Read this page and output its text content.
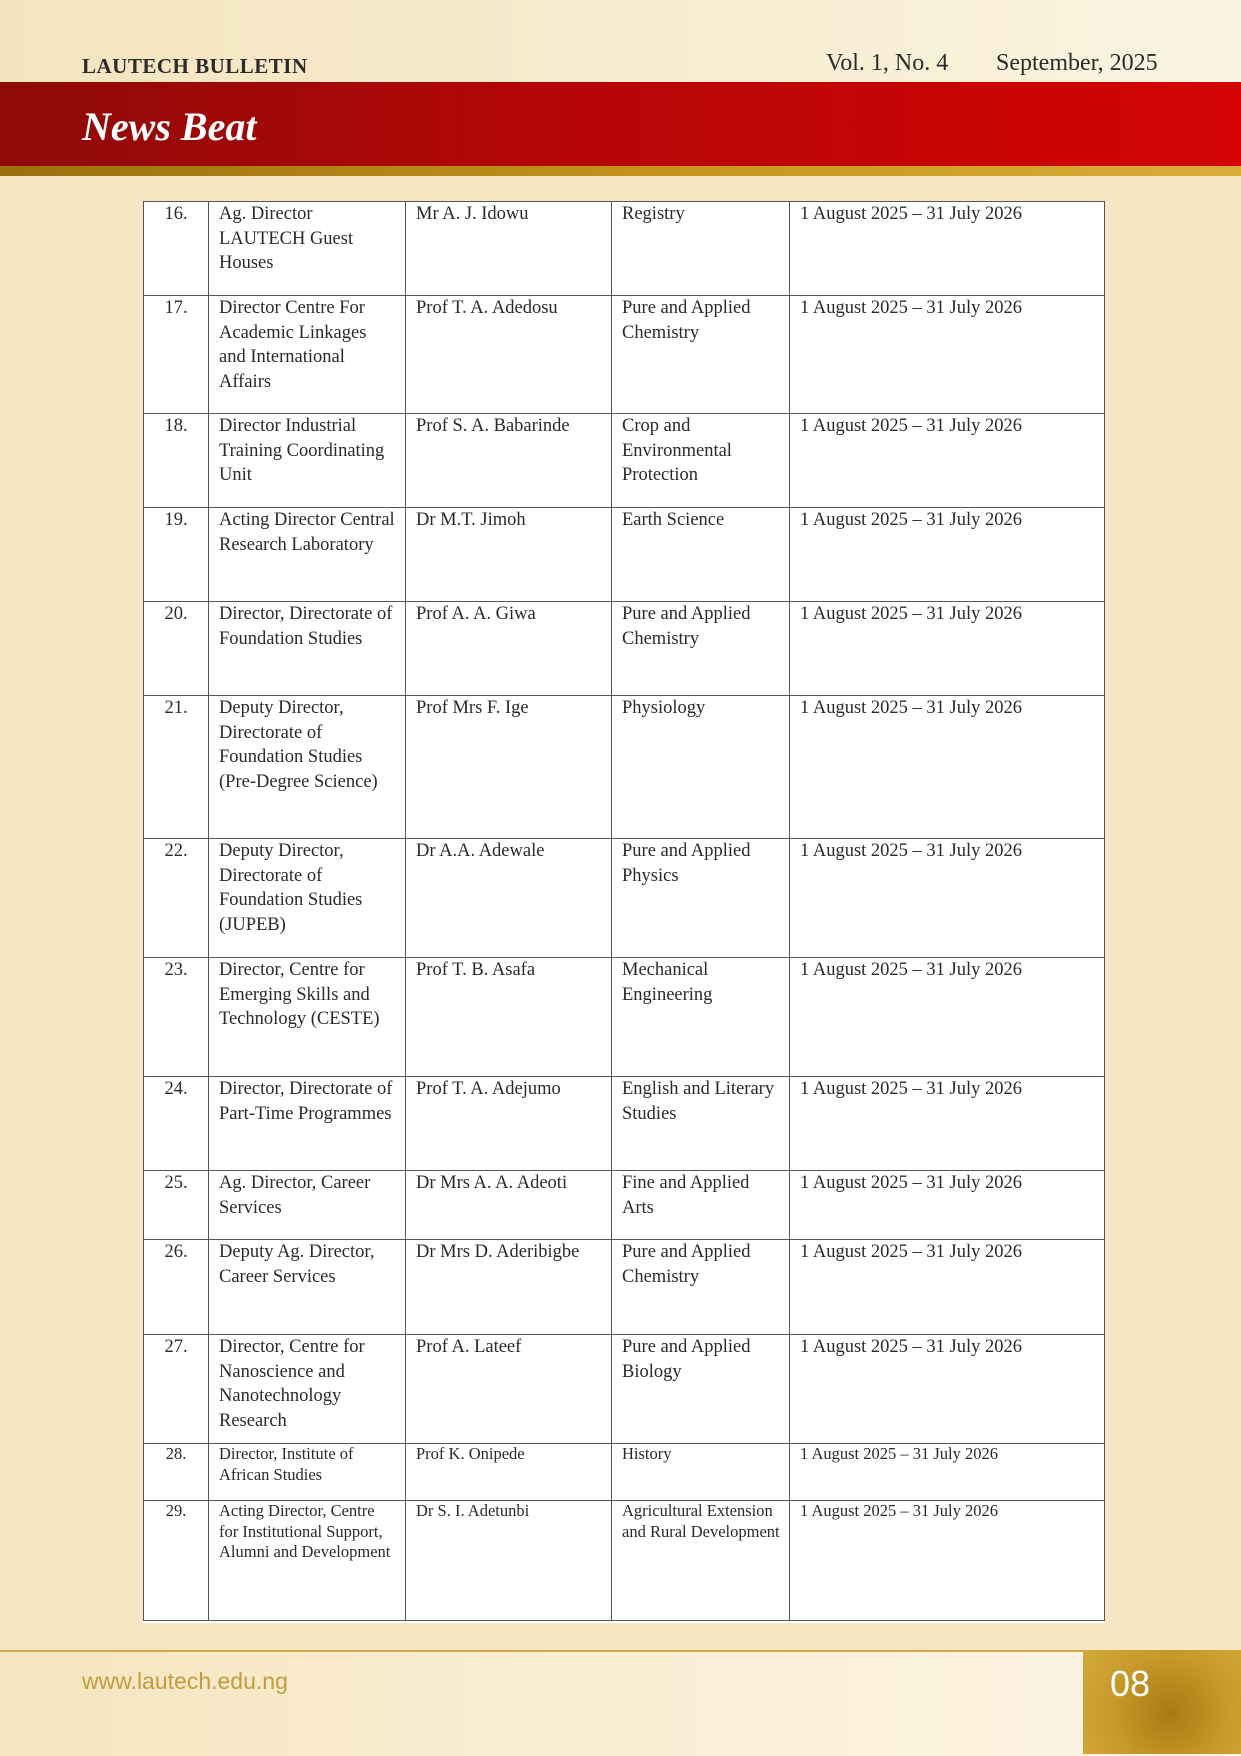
LAUTECH BULLETIN	Vol. 1, No. 4 September, 2025
News Beat
16.	Ag. Director LAUTECH Guest Houses	Mr A. J. Idowu	Registry	1 August 2025 – 31 July 2026
17.	Director Centre For Academic Linkages and International Affairs	Prof T. A. Adedosu	Pure and Applied Chemistry	1 August 2025 – 31 July 2026
18.	Director Industrial Training Coordinating Unit	Prof S. A. Babarinde	Crop and Environmental Protection	1 August 2025 – 31 July 2026
19.	Acting Director Central Research Laboratory	Dr M.T. Jimoh	Earth Science	1 August 2025 – 31 July 2026
20.	Director, Directorate of Foundation Studies	Prof A. A. Giwa	Pure and Applied Chemistry	1 August 2025 – 31 July 2026
21.	Deputy Director, Directorate of Foundation Studies (Pre-Degree Science)	Prof Mrs F. Ige	Physiology	1 August 2025 – 31 July 2026
22.	Deputy Director, Directorate of Foundation Studies (JUPEB)	Dr A.A. Adewale	Pure and Applied Physics	1 August 2025 – 31 July 2026
23.	Director, Centre for Emerging Skills and Technology (CESTE)	Prof T. B. Asafa	Mechanical Engineering	1 August 2025 – 31 July 2026
24.	Director, Directorate of Part-Time Programmes	Prof T. A. Adejumo	English and Literary Studies	1 August 2025 – 31 July 2026
25.	Ag. Director, Career Services	Dr Mrs A. A. Adeoti	Fine and Applied Arts	1 August 2025 – 31 July 2026
26.	Deputy Ag. Director, Career Services	Dr Mrs D. Aderibigbe	Pure and Applied Chemistry	1 August 2025 – 31 July 2026
27.	Director, Centre for Nanoscience and Nanotechnology Research	Prof A. Lateef	Pure and Applied Biology	1 August 2025 – 31 July 2026
28.	Director, Institute of African Studies	Prof K. Onipede	History	1 August 2025 – 31 July 2026
29.	Acting Director, Centre for Institutional Support, Alumni and Development	Dr S. I. Adetunbi	Agricultural Extension and Rural Development	1 August 2025 – 31 July 2026
www.lautech.edu.ng	08
